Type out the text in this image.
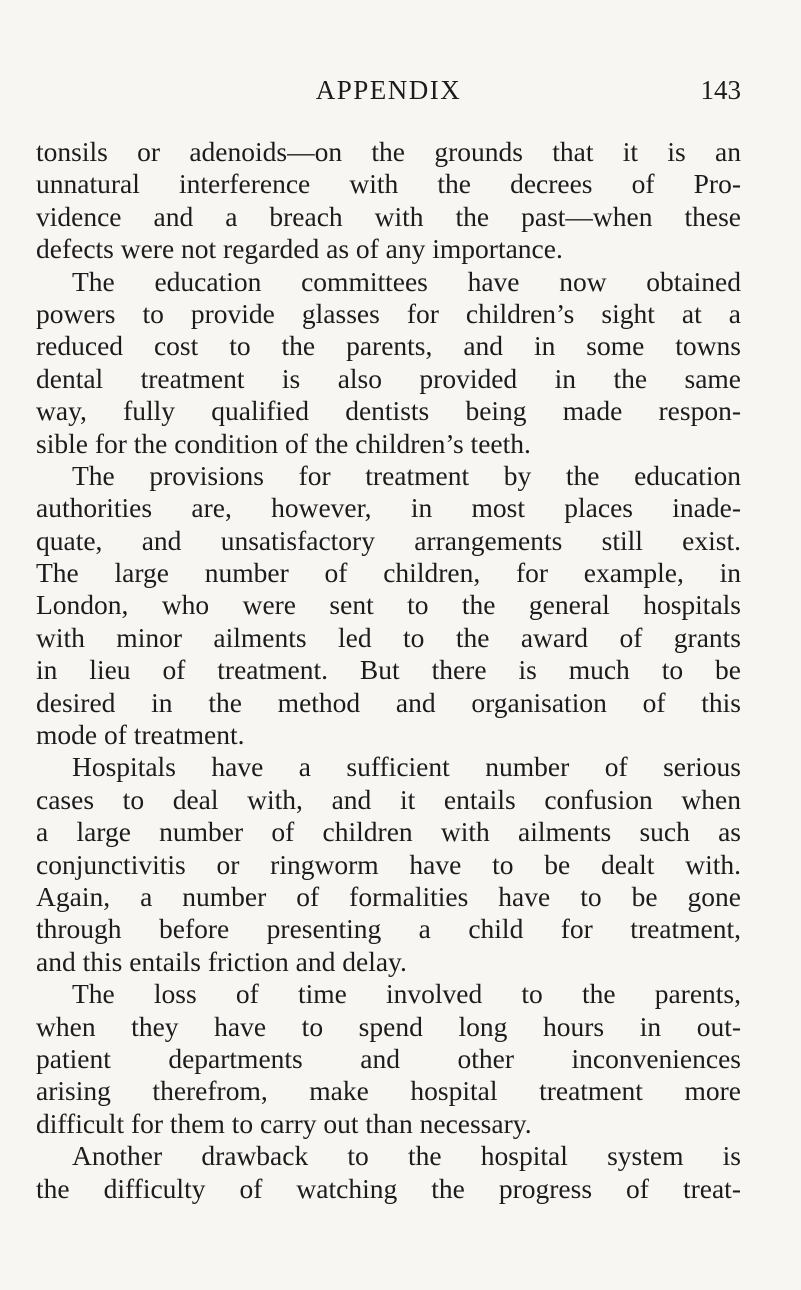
APPENDIX	143
tonsils or adenoids—on the grounds that it is an
unnatural interference with the decrees of Pro-
vidence and a breach with the past—when these
defects were not regarded as of any importance.
The education committees have now obtained
powers to provide glasses for children’s sight at a
reduced cost to the parents, and in some towns
dental treatment is also provided in the same
way, fully qualified dentists being made respon-
sible for the condition of the children’s teeth.
The provisions for treatment by the education
authorities are, however, in most places inade-
quate, and unsatisfactory arrangements still exist.
The large number of children, for example, in
London, who were sent to the general hospitals
with minor ailments led to the award of grants
in lieu of treatment. But there is much to be
desired in the method and organisation of this
mode of treatment.
Hospitals have a sufficient number of serious
cases to deal with, and it entails confusion when
a large number of children with ailments such as
conjunctivitis or ringworm have to be dealt with.
Again, a number of formalities have to be gone
through before presenting a child for treatment,
and this entails friction and delay.
The loss of time involved to the parents,
when they have to spend long hours in out-
patient departments and other inconveniences
arising therefrom, make hospital treatment more
difficult for them to carry out than necessary.
Another drawback to the hospital system is
the difficulty of watching the progress of treat-
